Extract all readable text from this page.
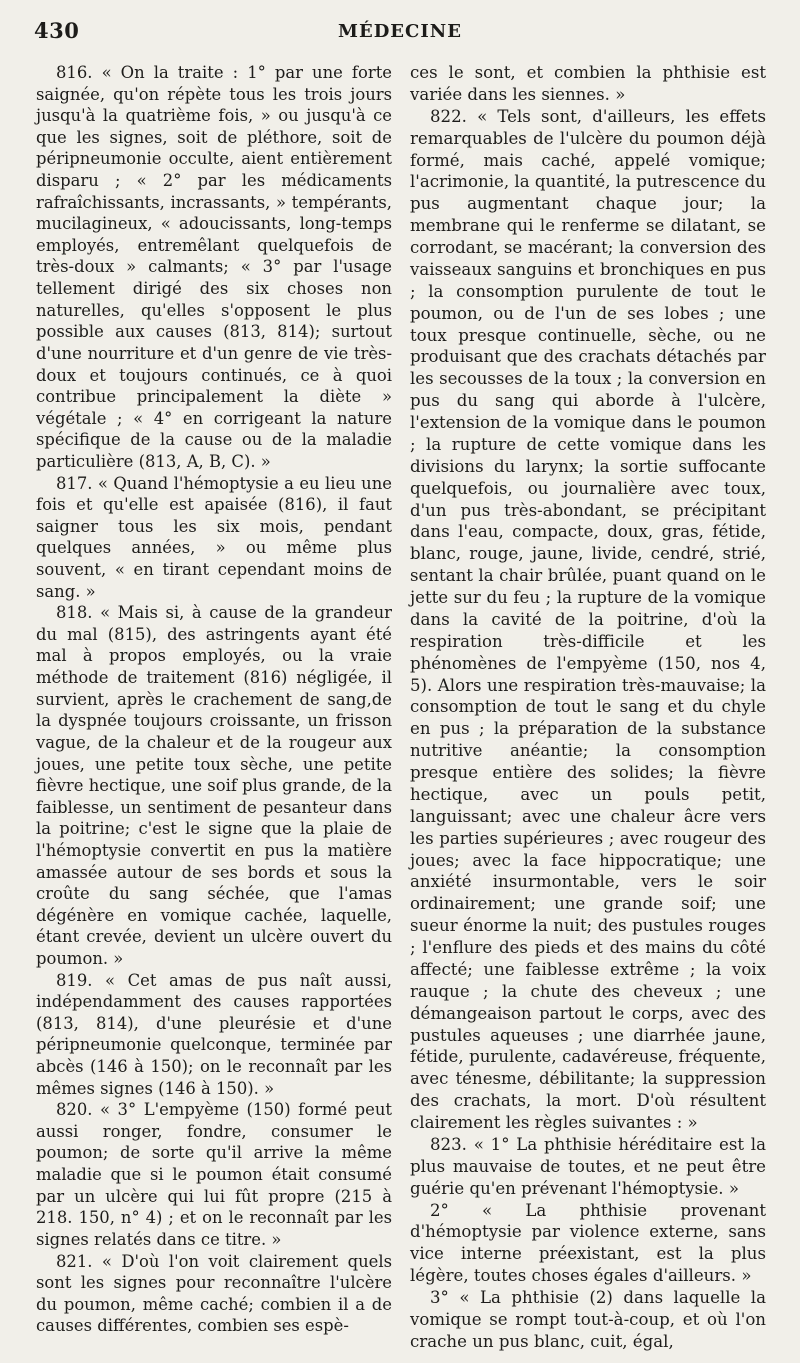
430	MÉDECINE

816. « On la traite : 1° par une forte saignée, qu'on répète tous les trois jours jusqu'à la quatrième fois, » ou jusqu'à ce que les signes, soit de pléthore, soit de péripneumonie occulte, aient entièrement disparu ; « 2° par les médicaments rafraîchissants, incrassants, » tempérants, mucilagineux, « adoucissants, long-temps employés, entremêlant quelquefois de très-doux » calmants; « 3° par l'usage tellement dirigé des six choses non naturelles, qu'elles s'opposent le plus possible aux causes (813, 814); surtout d'une nourriture et d'un genre de vie très-doux et toujours continués, ce à quoi contribue principalement la diète » végétale ; « 4° en corrigeant la nature spécifique de la cause ou de la maladie particulière (813, A, B, C). »

817. « Quand l'hémoptysie a eu lieu une fois et qu'elle est apaisée (816), il faut saigner tous les six mois, pendant quelques années, » ou même plus souvent, « en tirant cependant moins de sang. »

818. « Mais si, à cause de la grandeur du mal (815), des astringents ayant été mal à propos employés, ou la vraie méthode de traitement (816) négligée, il survient, après le crachement de sang,de la dyspnée toujours croissante, un frisson vague, de la chaleur et de la rougeur aux joues, une petite toux sèche, une petite fièvre hectique, une soif plus grande, de la faiblesse, un sentiment de pesanteur dans la poitrine; c'est le signe que la plaie de l'hémoptysie convertit en pus la matière amassée autour de ses bords et sous la croûte du sang séchée, que l'amas dégénère en vomique cachée, laquelle, étant crevée, devient un ulcère ouvert du poumon. »

819. « Cet amas de pus naît aussi, indépendamment des causes rapportées (813, 814), d'une pleurésie et d'une péripneumonie quelconque, terminée par abcès (146 à 150); on le reconnaît par les mêmes signes (146 à 150). »

820. « 3° L'empyème (150) formé peut aussi ronger, fondre, consumer le poumon; de sorte qu'il arrive la même maladie que si le poumon était consumé par un ulcère qui lui fût propre (215 à 218. 150, n° 4) ; et on le reconnaît par les signes relatés dans ce titre. »

821. « D'où l'on voit clairement quels sont les signes pour reconnaître l'ulcère du poumon, même caché; combien il a de causes différentes, combien ses espè-

ces le sont, et combien la phthisie est variée dans les siennes. »

822. « Tels sont, d'ailleurs, les effets remarquables de l'ulcère du poumon déjà formé, mais caché, appelé vomique; l'acrimonie, la quantité, la putrescence du pus augmentant chaque jour; la membrane qui le renferme se dilatant, se corrodant, se macérant; la conversion des vaisseaux sanguins et bronchiques en pus ; la consomption purulente de tout le poumon, ou de l'un de ses lobes ; une toux presque continuelle, sèche, ou ne produisant que des crachats détachés par les secousses de la toux ; la conversion en pus du sang qui aborde à l'ulcère, l'extension de la vomique dans le poumon ; la rupture de cette vomique dans les divisions du larynx; la sortie suffocante quelquefois, ou journalière avec toux, d'un pus très-abondant, se précipitant dans l'eau, compacte, doux, gras, fétide, blanc, rouge, jaune, livide, cendré, strié, sentant la chair brûlée, puant quand on le jette sur du feu ; la rupture de la vomique dans la cavité de la poitrine, d'où la respiration très-difficile et les phénomènes de l'empyème (150, nos 4, 5). Alors une respiration très-mauvaise; la consomption de tout le sang et du chyle en pus ; la préparation de la substance nutritive anéantie; la consomption presque entière des solides; la fièvre hectique, avec un pouls petit, languissant; avec une chaleur âcre vers les parties supérieures ; avec rougeur des joues; avec la face hippocratique; une anxiété insurmontable, vers le soir ordinairement; une grande soif; une sueur énorme la nuit; des pustules rouges ; l'enflure des pieds et des mains du côté affecté; une faiblesse extrême ; la voix rauque ; la chute des cheveux ; une démangeaison partout le corps, avec des pustules aqueuses ; une diarrhée jaune, fétide, purulente, cadavéreuse, fréquente, avec ténesme, débilitante; la suppression des crachats, la mort. D'où résultent clairement les règles suivantes : »

823. « 1° La phthisie héréditaire est la plus mauvaise de toutes, et ne peut être guérie qu'en prévenant l'hémoptysie. »

2° « La phthisie provenant d'hémoptysie par violence externe, sans vice interne préexistant, est la plus légère, toutes choses égales d'ailleurs. »

3° « La phthisie (2) dans laquelle la vomique se rompt tout-à-coup, et où l'on crache un pus blanc, cuit, égal,
